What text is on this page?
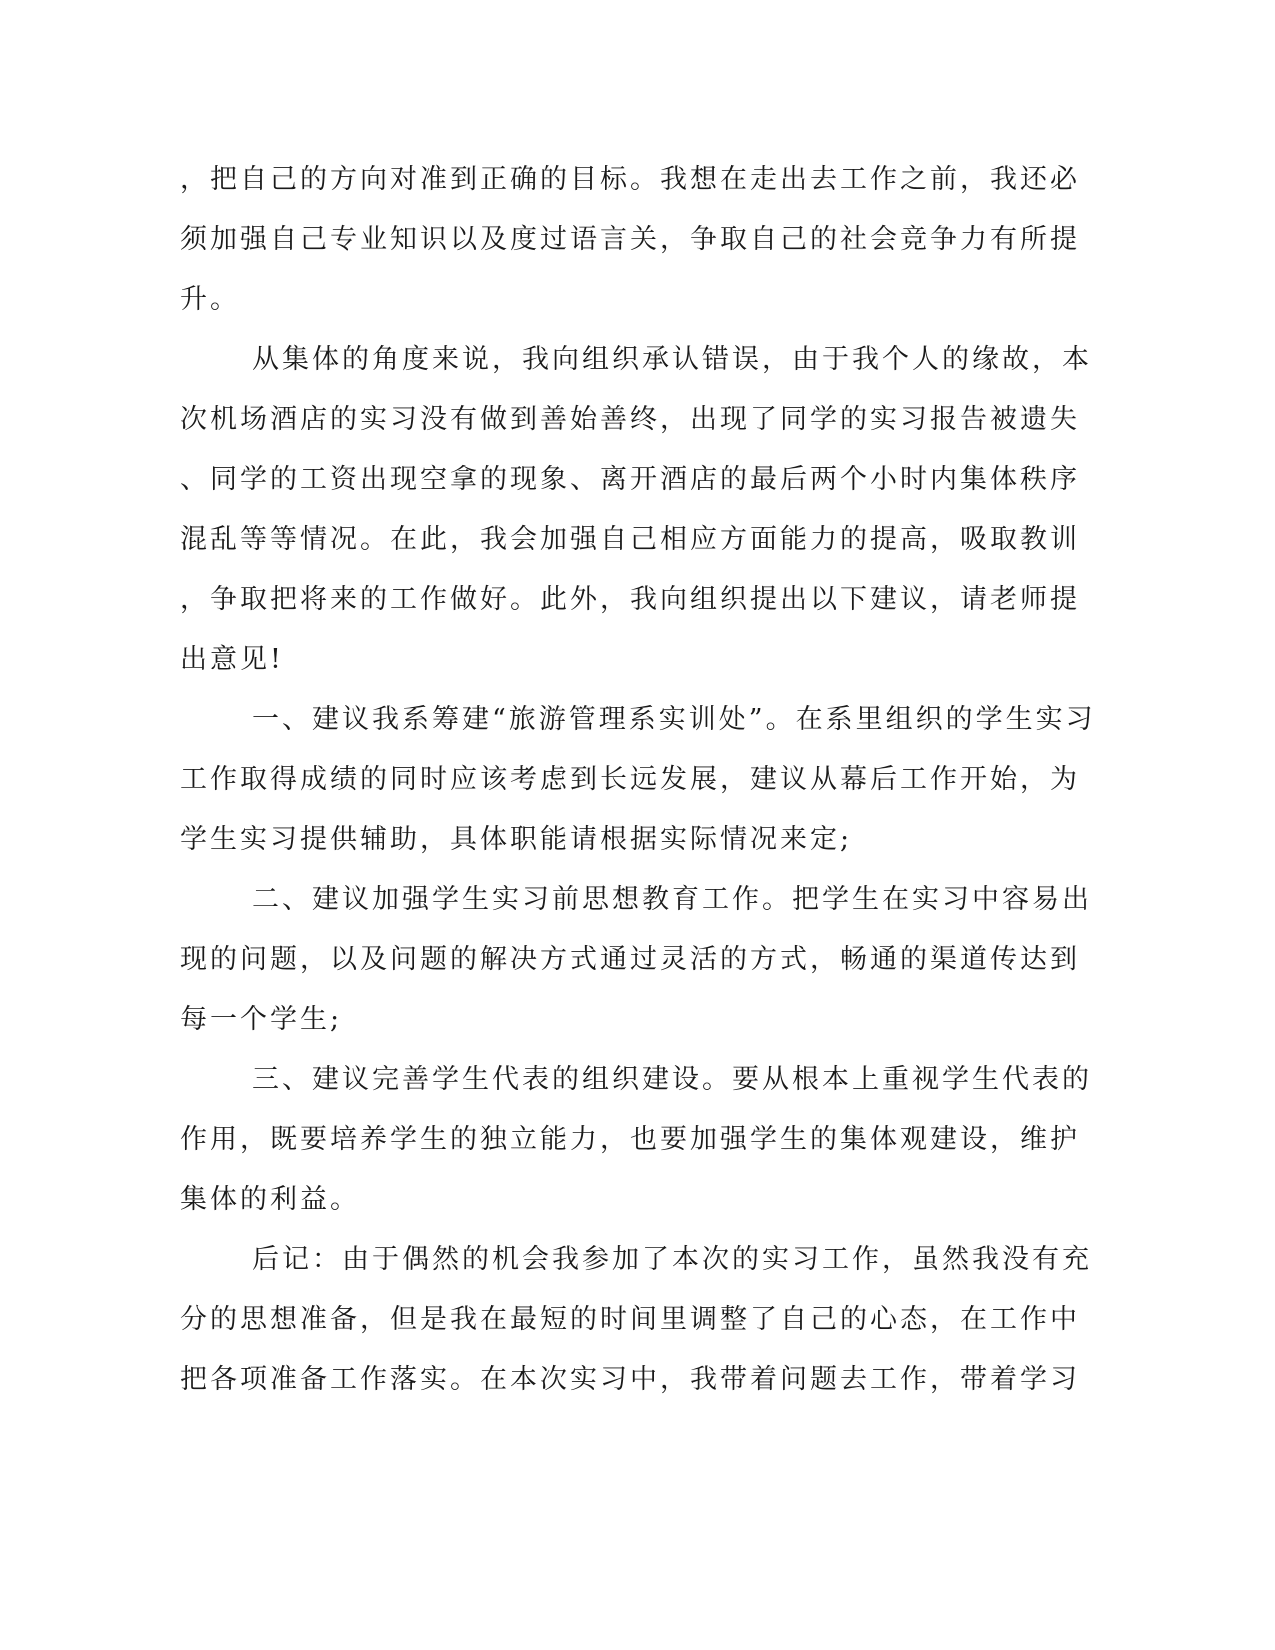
，把自己的方向对准到正确的目标。我想在走出去工作之前，我还必
须加强自己专业知识以及度过语言关，争取自己的社会竞争力有所提
升。
从集体的角度来说，我向组织承认错误，由于我个人的缘故，本
次机场酒店的实习没有做到善始善终，出现了同学的实习报告被遗失
、同学的工资出现空拿的现象、离开酒店的最后两个小时内集体秩序
混乱等等情况。在此，我会加强自己相应方面能力的提高，吸取教训
，争取把将来的工作做好。此外，我向组织提出以下建议，请老师提
出意见!
一、建议我系筹建“旅游管理系实训处”。在系里组织的学生实习
工作取得成绩的同时应该考虑到长远发展，建议从幕后工作开始，为
学生实习提供辅助，具体职能请根据实际情况来定;
二、建议加强学生实习前思想教育工作。把学生在实习中容易出
现的问题，以及问题的解决方式通过灵活的方式，畅通的渠道传达到
每一个学生;
三、建议完善学生代表的组织建设。要从根本上重视学生代表的
作用，既要培养学生的独立能力，也要加强学生的集体观建设，维护
集体的利益。
后记：由于偶然的机会我参加了本次的实习工作，虽然我没有充
分的思想准备，但是我在最短的时间里调整了自己的心态，在工作中
把各项准备工作落实。在本次实习中，我带着问题去工作，带着学习
